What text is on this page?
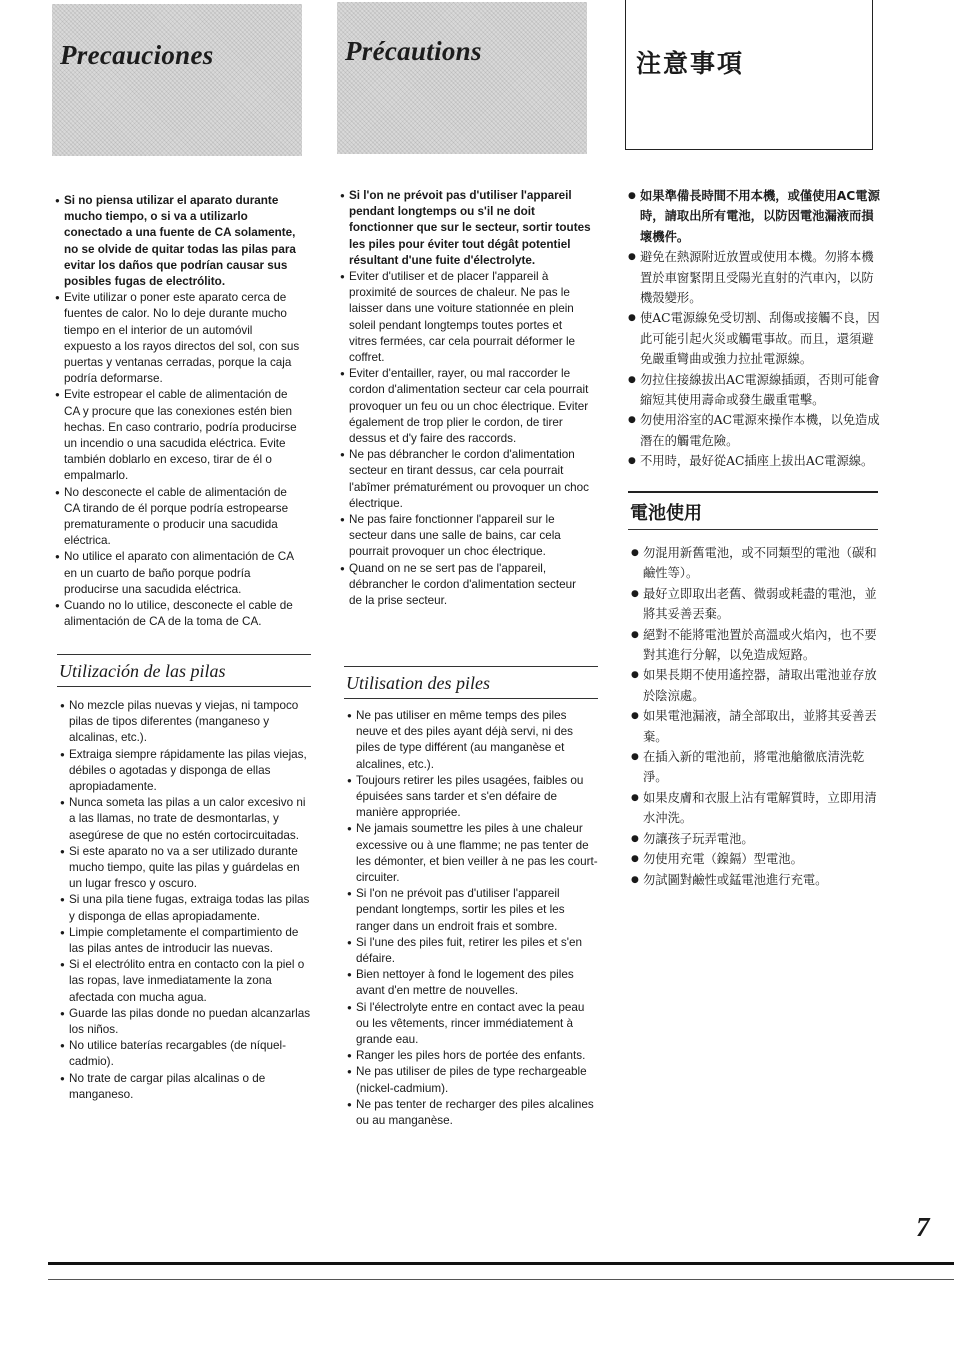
Precauciones	Précautions	注意事項
● Si no piensa utilizar el aparato durante mucho tiempo, o si va a utilizarlo conectado a una fuente de CA solamente, no se olvide de quitar todas las pilas para evitar los daños que podrían causar sus posibles fugas de electrólito.
● Evite utilizar o poner este aparato cerca de fuentes de calor. No lo deje durante mucho tiempo en el interior de un automóvil expuesto a los rayos directos del sol, con sus puertas y ventanas cerradas, porque la caja podría deformarse.
● Evite estropear el cable de alimentación de CA y procure que las conexiones estén bien hechas. En caso contrario, podría producirse un incendio o una sacudida eléctrica. Evite también doblarlo en exceso, tirar de él o empalmarlo.
● No desconecte el cable de alimentación de CA tirando de él porque podría estropearse prematuramente o producir una sacudida eléctrica.
● No utilice el aparato con alimentación de CA en un cuarto de baño porque podría producirse una sacudida eléctrica.
● Cuando no lo utilice, desconecte el cable de alimentación de CA de la toma de CA.
Utilización de las pilas
● No mezcle pilas nuevas y viejas, ni tampoco pilas de tipos diferentes (manganeso y alcalinas, etc.).
● Extraiga siempre rápidamente las pilas viejas, débiles o agotadas y disponga de ellas apropiadamente.
● Nunca someta las pilas a un calor excesivo ni a las llamas, no trate de desmontarlas, y asegúrese de que no estén cortocircuitadas.
● Si este aparato no va a ser utilizado durante mucho tiempo, quite las pilas y guárdelas en un lugar fresco y oscuro.
● Si una pila tiene fugas, extraiga todas las pilas y disponga de ellas apropiadamente.
● Limpie completamente el compartimiento de las pilas antes de introducir las nuevas.
● Si el electrólito entra en contacto con la piel o las ropas, lave inmediatamente la zona afectada con mucha agua.
● Guarde las pilas donde no puedan alcanzarlas los niños.
● No utilice baterías recargables (de níquel-cadmio).
● No trate de cargar pilas alcalinas o de manganeso.
● Si l'on ne prévoit pas d'utiliser l'appareil pendant longtemps ou s'il ne doit fonctionner que sur le secteur, sortir toutes les piles pour éviter tout dégât potentiel résultant d'une fuite d'électrolyte.
● Eviter d'utiliser et de placer l'appareil à proximité de sources de chaleur. Ne pas le laisser dans une voiture stationnée en plein soleil pendant longtemps toutes portes et vitres fermées, car cela pourrait déformer le coffret.
● Eviter d'entailler, rayer, ou mal raccorder le cordon d'alimentation secteur car cela pourrait provoquer un feu ou un choc électrique. Eviter également de trop plier le cordon, de tirer dessus et d'y faire des raccords.
● Ne pas débrancher le cordon d'alimentation secteur en tirant dessus, car cela pourrait l'abîmer prématurément ou provoquer un choc électrique.
● Ne pas faire fonctionner l'appareil sur le secteur dans une salle de bains, car cela pourrait provoquer un choc électrique.
● Quand on ne se sert pas de l'appareil, débrancher le cordon d'alimentation secteur de la prise secteur.
Utilisation des piles
● Ne pas utiliser en même temps des piles neuve et des piles ayant déjà servi, ni des piles de type différent (au manganèse et alcalines, etc.).
● Toujours retirer les piles usagées, faibles ou épuisées sans tarder et s'en défaire de manière appropriée.
● Ne jamais soumettre les piles à une chaleur excessive ou à une flamme; ne pas tenter de les démonter, et bien veiller à ne pas les court-circuiter.
● Si l'on ne prévoit pas d'utiliser l'appareil pendant longtemps, sortir les piles et les ranger dans un endroit frais et sombre.
● Si l'une des piles fuit, retirer les piles et s'en défaire.
● Bien nettoyer à fond le logement des piles avant d'en mettre de nouvelles.
● Si l'électrolyte entre en contact avec la peau ou les vêtements, rincer immédiatement à grande eau.
● Ranger les piles hors de portée des enfants.
● Ne pas utiliser de piles de type rechargeable (nickel-cadmium).
● Ne pas tenter de recharger des piles alcalines ou au manganèse.
● 如果準備長時間不用本機，或僅使用AC電源時，請取出所有電池，以防因電池漏液而損壞機件。
● 避免在熱源附近放置或使用本機。勿將本機置於車窗緊閉且受陽光直射的汽車內，以防機殼變形。
● 使AC電源線免受切割、刮傷或接觸不良，因此可能引起火災或觸電事故。而且，還須避免嚴重彎曲或強力拉扯電源線。
● 勿拉住接線拔出AC電源線插頭，否則可能會縮短其使用壽命或發生嚴重電擊。
● 勿使用浴室的AC電源來操作本機，以免造成潛在的觸電危險。
● 不用時，最好從AC插座上拔出AC電源線。
電池使用
● 勿混用新舊電池，或不同類型的電池（碳和鹼性等）。
● 最好立即取出老舊、微弱或耗盡的電池，並將其妥善丟棄。
● 絕對不能將電池置於高溫或火焰內，也不要對其進行分解，以免造成短路。
● 如果長期不使用遙控器，請取出電池並存放於陰涼處。
● 如果電池漏液，請全部取出，並將其妥善丟棄。
● 在插入新的電池前，將電池艙徹底清洗乾淨。
● 如果皮膚和衣服上沾有電解質時，立即用清水沖洗。
● 勿讓孩子玩弄電池。
● 勿使用充電（鎳鎘）型電池。
● 勿試圖對鹼性或錳電池進行充電。
7
